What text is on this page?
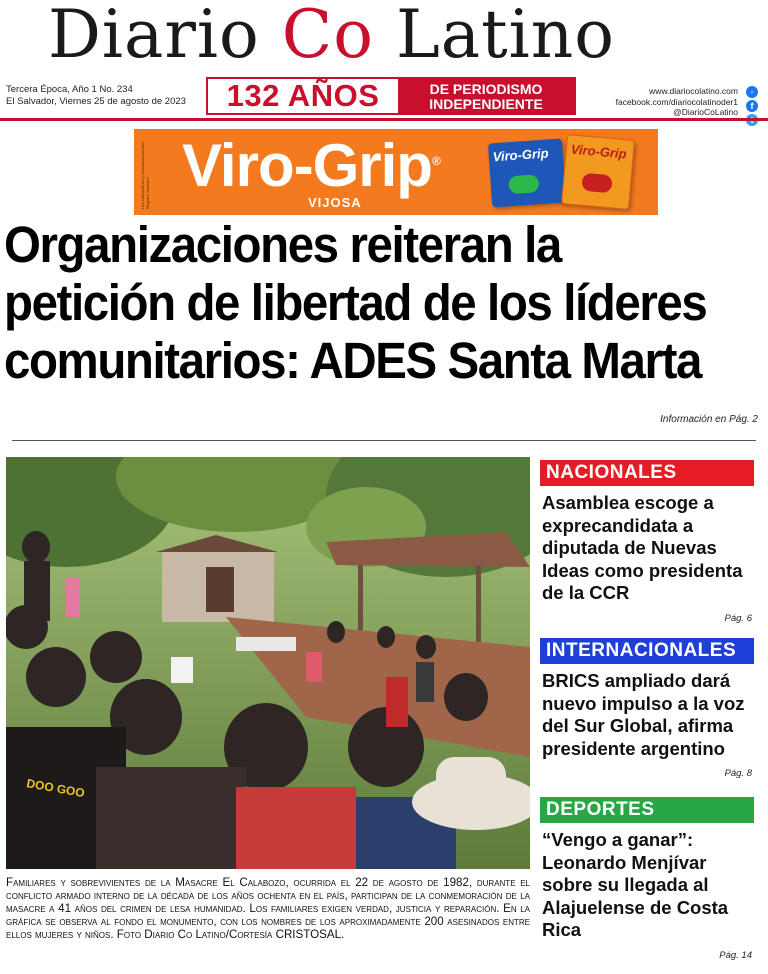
Diario Co Latino
Tercera Época, Año 1 No. 234
El Salvador, Viernes 25 de agosto de 2023	132 AÑOS	DE PERIODISMO
INDEPENDIENTE
www.diariocolatino.com
facebook.com/diariocolatinoder1
@DiarioCoLatino
◦
f
Lea indicaciones y contraindicaciones. Registro Sanitario Viro-Grip®
VIJOSA
Viro-Grip Viro-Grip
Organizaciones reiteran la
petición de libertad de los líderes
comunitarios: ADES Santa Marta
Información en Pág. 2
DOO GOO
Familiares y sobrevivientes de la Masacre El Calabozo, ocurrida el 22 de agosto de 1982, durante el conflicto armado interno de la década de los años ochenta en el país, participan de la conmemoración de la masacre a 41 años del crimen de lesa humanidad. Los familiares exigen verdad, justicia y reparación. En la gráfica se observa al fondo el monumento, con los nombres de los aproximadamente 200 asesinados entre ellos mujeres y niños. Foto Diario Co Latino/Cortesía CRISTOSAL.
NACIONALES
Asamblea escoge a exprecandidata a diputada de Nuevas Ideas como presidenta de la CCR
Pág. 6
INTERNACIONALES
BRICS ampliado dará nuevo impulso a la voz del Sur Global, afirma presidente argentino
Pág. 8
DEPORTES
“Vengo a ganar”: Leonardo Menjívar sobre su llegada al Alajuelense de Costa Rica
Pág. 14
